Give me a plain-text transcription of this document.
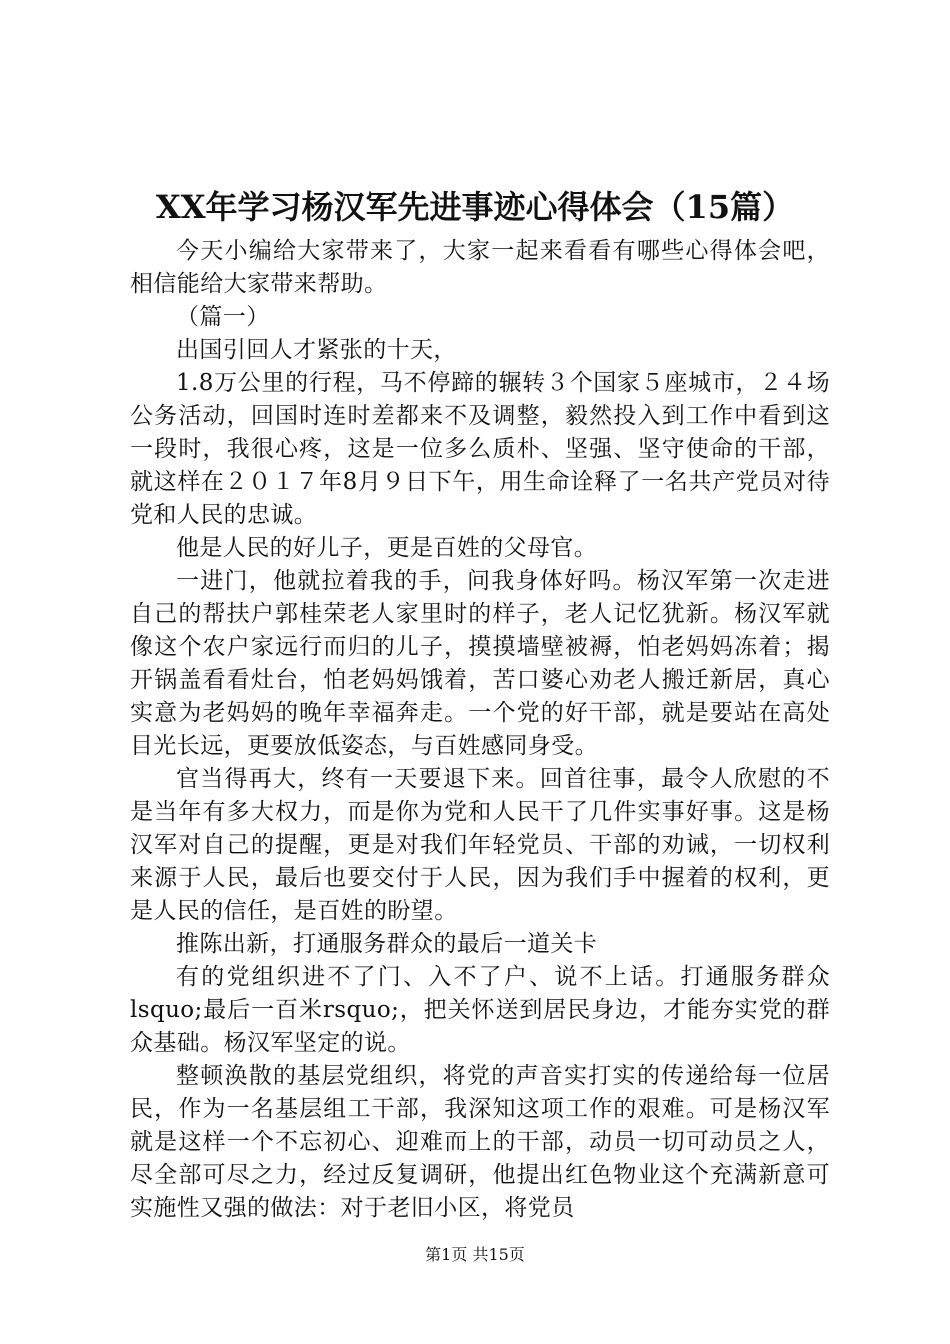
XX年学习杨汉军先进事迹心得体会（15篇）

今天小编给大家带来了，大家一起来看看有哪些心得体会吧，相信能给大家带来帮助。

（篇一）

出国引回人才紧张的十天，

1.8万公里的行程，马不停蹄的辗转３个国家５座城市，２４场公务活动，回国时连时差都来不及调整，毅然投入到工作中看到这一段时，我很心疼，这是一位多么质朴、坚强、坚守使命的干部，就这样在２０１７年8月９日下午，用生命诠释了一名共产党员对待党和人民的忠诚。

他是人民的好儿子，更是百姓的父母官。

一进门，他就拉着我的手，问我身体好吗。杨汉军第一次走进自己的帮扶户郭桂荣老人家里时的样子，老人记忆犹新。杨汉军就像这个农户家远行而归的儿子，摸摸墙壁被褥，怕老妈妈冻着；揭开锅盖看看灶台，怕老妈妈饿着，苦口婆心劝老人搬迁新居，真心实意为老妈妈的晚年幸福奔走。一个党的好干部，就是要站在高处目光长远，更要放低姿态，与百姓感同身受。

官当得再大，终有一天要退下来。回首往事，最令人欣慰的不是当年有多大权力，而是你为党和人民干了几件实事好事。这是杨汉军对自己的提醒，更是对我们年轻党员、干部的劝诫，一切权利来源于人民，最后也要交付于人民，因为我们手中握着的权利，更是人民的信任，是百姓的盼望。

推陈出新，打通服务群众的最后一道关卡

有的党组织进不了门、入不了户、说不上话。打通服务群众lsquo;最后一百米rsquo;，把关怀送到居民身边，才能夯实党的群众基础。杨汉军坚定的说。

整顿涣散的基层党组织，将党的声音实打实的传递给每一位居民，作为一名基层组工干部，我深知这项工作的艰难。可是杨汉军就是这样一个不忘初心、迎难而上的干部，动员一切可动员之人，尽全部可尽之力，经过反复调研，他提出红色物业这个充满新意可实施性又强的做法：对于老旧小区，将党员

第1页 共15页
